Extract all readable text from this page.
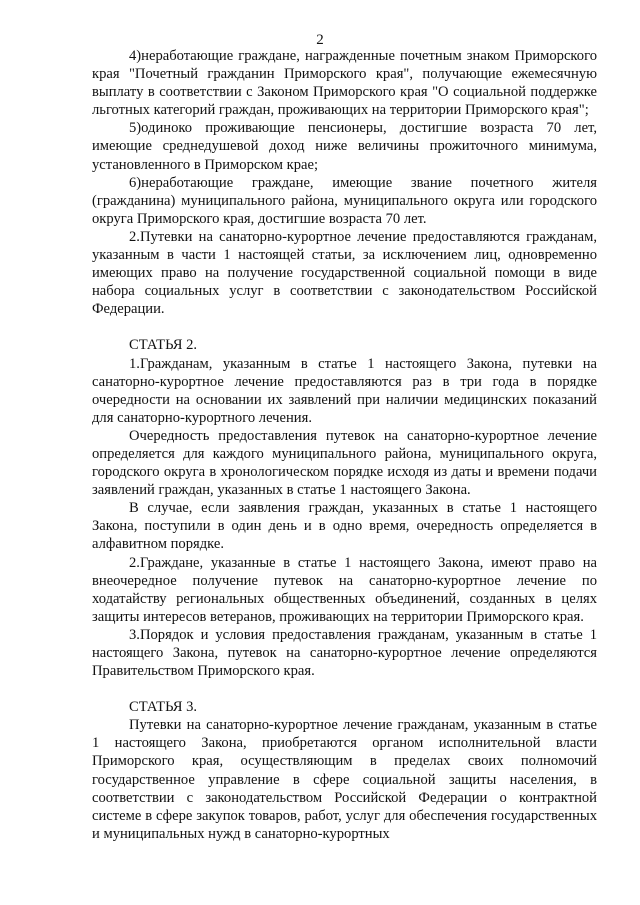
2

4)неработающие граждане, награжденные почетным знаком Приморского края "Почетный гражданин Приморского края", получающие ежемесячную выплату в соответствии с Законом Приморского края "О социальной поддержке льготных категорий граждан, проживающих на территории Приморского края";

5)одиноко проживающие пенсионеры, достигшие возраста 70 лет, имеющие среднедушевой доход ниже величины прожиточного минимума, установленного в Приморском крае;

6)неработающие граждане, имеющие звание почетного жителя (гражданина) муниципального района, муниципального округа или городского округа Приморского края, достигшие возраста 70 лет.

2.Путевки на санаторно-курортное лечение предоставляются гражданам, указанным в части 1 настоящей статьи, за исключением лиц, одновременно имеющих право на получение государственной социальной помощи в виде набора социальных услуг в соответствии с законодательством Российской Федерации.

СТАТЬЯ 2.

1.Гражданам, указанным в статье 1 настоящего Закона, путевки на санаторно-курортное лечение предоставляются раз в три года в порядке очередности на основании их заявлений при наличии медицинских показаний для санаторно-курортного лечения.

Очередность предоставления путевок на санаторно-курортное лечение определяется для каждого муниципального района, муниципального округа, городского округа в хронологическом порядке исходя из даты и времени подачи заявлений граждан, указанных в статье 1 настоящего Закона.

В случае, если заявления граждан, указанных в статье 1 настоящего Закона, поступили в один день и в одно время, очередность определяется в алфавитном порядке.

2.Граждане, указанные в статье 1 настоящего Закона, имеют право на внеочередное получение путевок на санаторно-курортное лечение по ходатайству региональных общественных объединений, созданных в целях защиты интересов ветеранов, проживающих на территории Приморского края.

3.Порядок и условия предоставления гражданам, указанным в статье 1 настоящего Закона, путевок на санаторно-курортное лечение определяются Правительством Приморского края.

СТАТЬЯ 3.

Путевки на санаторно-курортное лечение гражданам, указанным в статье 1 настоящего Закона, приобретаются органом исполнительной власти Приморского края, осуществляющим в пределах своих полномочий государственное управление в сфере социальной защиты населения, в соответствии с законодательством Российской Федерации о контрактной системе в сфере закупок товаров, работ, услуг для обеспечения государственных и муниципальных нужд в санаторно-курортных
